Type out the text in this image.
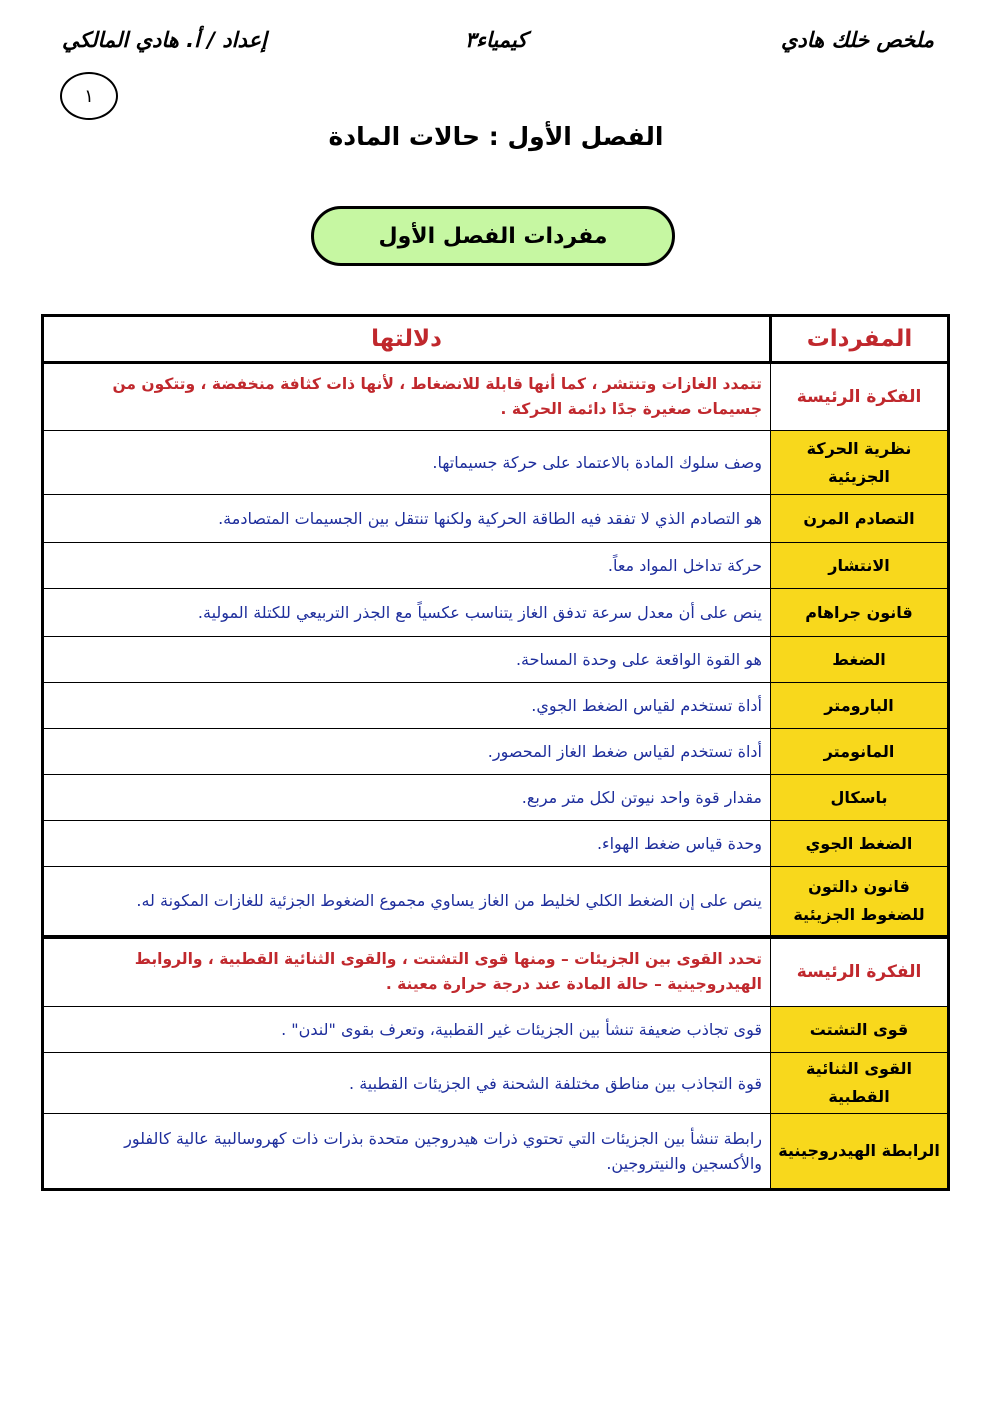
ملخص خلك هادي
كيمياء٣
إعداد / أ. هادي المالكي
١
الفصل الأول : حالات المادة
مفردات الفصل الأول
المفردات	دلالتها
الفكرة الرئيسة	تتمدد الغازات وتنتشر ، كما أنها قابلة للانضغاط ، لأنها ذات كثافة منخفضة ، وتتكون من جسيمات صغيرة جدًا دائمة الحركة .
نظرية الحركة الجزيئية	وصف سلوك المادة بالاعتماد على حركة جسيماتها.
التصادم المرن	هو التصادم الذي لا تفقد فيه الطاقة الحركية ولكنها تنتقل بين الجسيمات المتصادمة.
الانتشار	حركة تداخل المواد معاً.
قانون جراهام	ينص على أن معدل سرعة تدفق الغاز يتناسب عكسياً مع الجذر التربيعي للكتلة المولية.
الضغط	هو القوة الواقعة على وحدة المساحة.
البارومتر	أداة تستخدم لقياس الضغط الجوي.
المانومتر	أداة تستخدم لقياس ضغط الغاز المحصور.
باسكال	مقدار قوة واحد نيوتن لكل متر مربع.
الضغط الجوي	وحدة قياس ضغط الهواء.
قانون دالتون للضغوط الجزيئية	ينص على إن الضغط الكلي لخليط من الغاز يساوي مجموع الضغوط الجزئية للغازات المكونة له.
الفكرة الرئيسة	تحدد القوى بين الجزيئات – ومنها قوى التشتت ، والقوى الثنائية القطبية ، والروابط الهيدروجينية – حالة المادة عند درجة حرارة معينة .
قوى التشتت	قوى تجاذب ضعيفة تنشأ بين الجزيئات غير القطبية، وتعرف بقوى "لندن" .
القوى الثنائية القطبية	قوة التجاذب بين مناطق مختلفة الشحنة في الجزيئات القطبية .
الرابطة الهيدروجينية	رابطة تنشأ بين الجزيئات التي تحتوي ذرات هيدروجين متحدة بذرات ذات كهروسالبية عالية كالفلور والأكسجين والنيتروجين.
